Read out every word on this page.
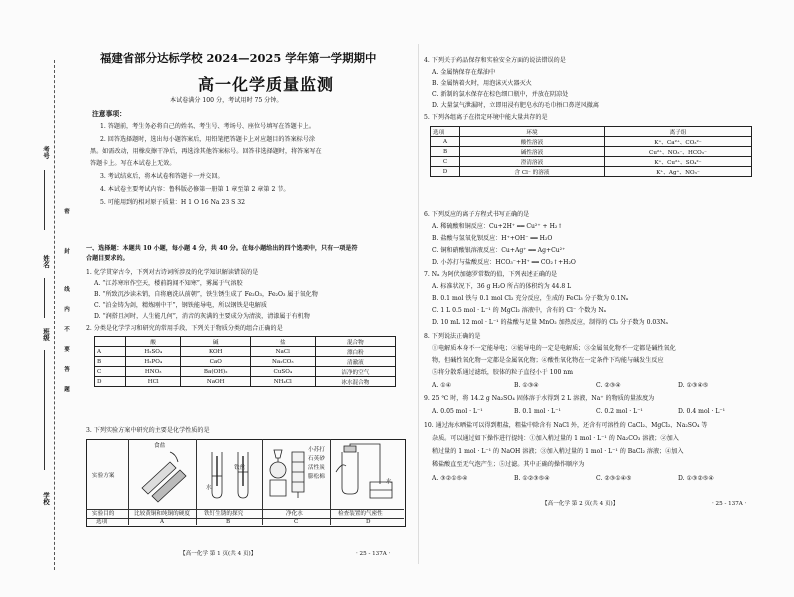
考号
姓名
班级
学校
密
封
线
内
不
要
答
题
福建省部分达标学校 2024—2025 学年第一学期期中
高一化学质量监测
本试卷满分 100 分，考试用时 75 分钟。
注意事项：
1. 答题前，考生务必将自己的姓名、考生号、考场号、座位号填写在答题卡上。
2. 回答选择题时，选出每小题答案后，用铅笔把答题卡上对应题目的答案标号涂
黑。如需改动，用橡皮擦干净后，再选涂其他答案标号。回答非选择题时，将答案写在
答题卡上。写在本试卷上无效。
3. 考试结束后，将本试卷和答题卡一并交回。
4. 本试卷主要考试内容：鲁科版必修第一册第 1 章至第 2 章第 2 节。
5. 可能用到的相对原子质量：H 1 O 16 Na 23 S 32
一、选择题：本题共 10 小题，每小题 4 分，共 40 分。在每小题给出的四个选项中，只有一项是符
合题目要求的。
1. 化学贯穿古今，下列对古诗词所涉及的化学知识解读错误的是
A. “江苏寒帘作空天，楼前韵闻不知寒”，雾属于气溶胶
B. “所致沉沙读未销，自将磨洗认前朝”，铁生锈生成了 Fe₂O₃，Fe₂O₃ 属于氧化物
C. “泊金铸为剑，精炼刚中干”，钢铁能导电，所以钢铁是电解质
D. “润搭且河时，人生能几何”，消音的灰满的主要成分为清淡，清漆属于有机物
2. 分类是化学学习和研究的常用手段，下列关于物质分类的组合正确的是
	酸	碱	盐	混合物
A	H₂SO₄	KOH	NaCl	漂白粉
B	H₂PO₄	CaO	Na₂CO₃	清澈液
C	HNO₃	Ba(OH)₂	CuSO₄	洁净的空气
D	HCl	NaOH	NH₄Cl	冰水混合物
3. 下列实验方案中研究的主要是化学性质的是
实验方案
实验目的
选项
食盐
水
铁丝
小苏打
石英砂
活性炭
膨松棉
水
比较黄铜和纯铜的硬度	铁钉生锈的探究	净化水	检查装置的气密性
A	B	C	D
【高一化学 第 1 页(共 4 页)】	· 25 - 137A ·
4. 下列关于药品保存和实验安全方面的说法错误的是
A. 金属钠保存在煤油中
B. 金属钠着火时，用泡沫灭火器灭火
C. 新制的氯水保存在棕色细口瓶中，并放在阴凉处
D. 大量氯气泄漏时，立即用浸有肥皂水的毛巾捂口鼻逆风撤离
5. 下列各组离子在指定环境中能大量共存的是
选项	环境	离子组
A	酸性溶液	K⁺、Ca²⁺、CO₃²⁻
B	碱性溶液	Cu²⁺、NO₃⁻、HCO₃⁻
C	澄清溶液	K⁺、Cu²⁺、SO₄²⁻
D	含 Cl⁻ 的溶液	K⁺、Ag⁺、NO₃⁻
6. 下列反应的离子方程式书写正确的是
A. 稀硫酸和铜反应：Cu+2H⁺ ══ Cu²⁺ + H₂↑
B. 盐酸与氢氧化钡反应：H⁺+OH⁻ ══ H₂O
C. 铜和硝酸银溶液反应：Cu+Ag⁺ ══ Ag+Cu²⁺
D. 小苏打与盐酸反应：HCO₃⁻+H⁺ ══ CO₂↑+H₂O
7. Nₐ 为阿伏加德罗常数的值，下列表述正确的是
A. 标准状况下，36 g H₂O 所占的体积约为 44.8 L
B. 0.1 mol 铁与 0.1 mol Cl₂ 充分反应，生成的 FeCl₃ 分子数为 0.1Nₐ
C. 1 L 0.5 mol · L⁻¹ 的 MgCl₂ 溶液中，含有的 Cl⁻ 个数为 Nₐ
D. 10 mL 12 mol · L⁻¹ 的盐酸与足量 MnO₂ 加热反应，制得的 Cl₂ 分子数为 0.03Nₐ
8. 下列说法正确的是
①电解质本身不一定能导电；②能导电的一定是电解质；③金属氧化物不一定都是碱性氧化
物，但碱性氧化物一定都是金属氧化物；④酸性氧化物在一定条件下均能与碱发生反应
⑤将分散系通过滤纸，胶体的粒子直径小于 100 nm
A. ①④	B. ①③④	C. ②③④	D. ①③④⑤
9. 25 ℃ 时，将 14.2 g Na₂SO₄ 固体溶于水得到 2 L 溶液，Na⁺ 的物质的量浓度为
A. 0.05 mol · L⁻¹	B. 0.1 mol · L⁻¹	C. 0.2 mol · L⁻¹	D. 0.4 mol · L⁻¹
10. 通过海水晒盐可以得到粗盐，粗盐中除含有 NaCl 外，还含有可溶性的 CaCl₂、MgCl₂、Na₂SO₄ 等
杂质。可以通过如下操作进行提纯：①加入稍过量的 1 mol · L⁻¹ 的 Na₂CO₃ 溶液；②加入
稍过量的 1 mol · L⁻¹ 的 NaOH 溶液；③加入稍过量的 1 mol · L⁻¹ 的 BaCl₂ 溶液；④加入
稀盐酸直至无气泡产生；⑤过滤。其中正确的操作顺序为
A. ③②①⑤④	B. ①②③⑤④	C. ②③①④⑤	D. ①③②⑤④
【高一化学 第 2 页(共 4 页)】	· 25 - 137A ·
